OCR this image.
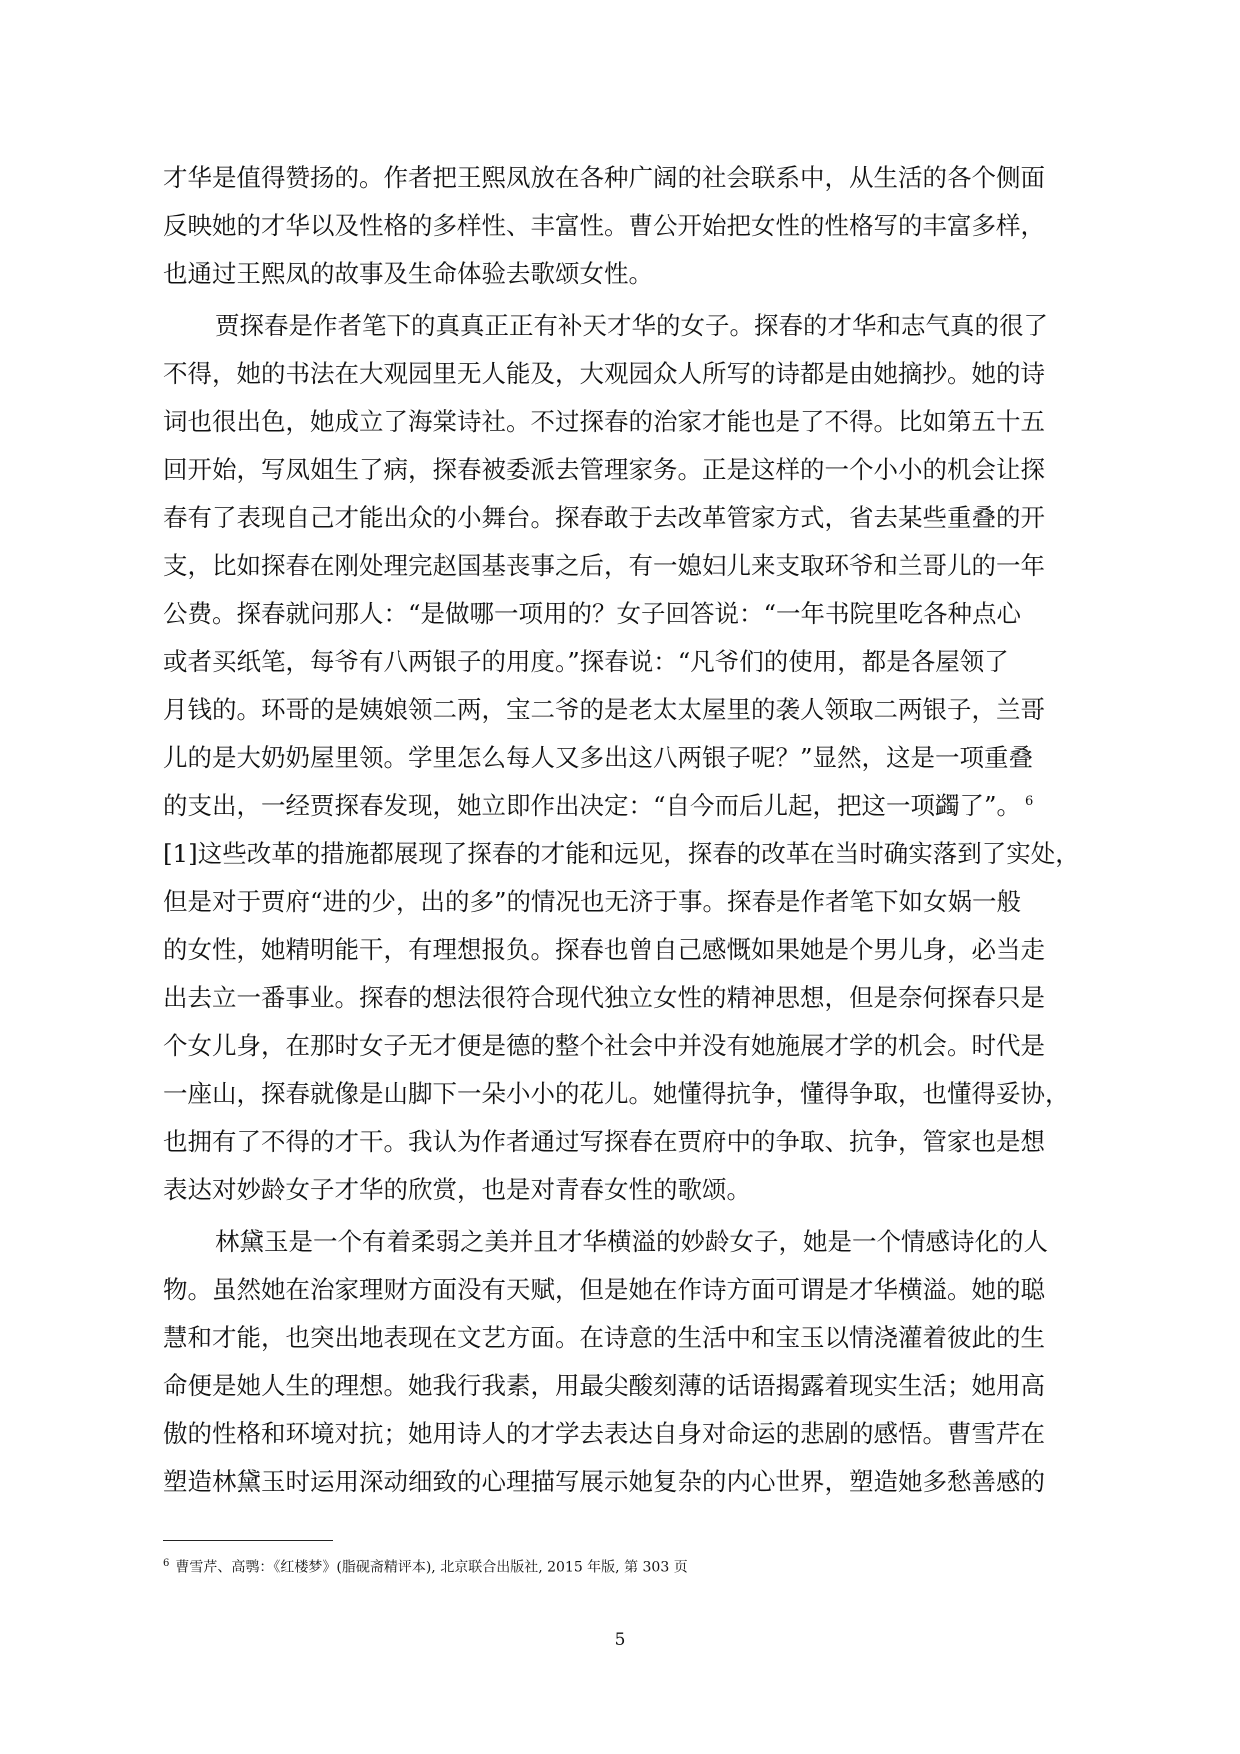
才华是值得赞扬的。作者把王熙凤放在各种广阔的社会联系中，从生活的各个侧面
反映她的才华以及性格的多样性、丰富性。曹公开始把女性的性格写的丰富多样，
也通过王熙凤的故事及生命体验去歌颂女性。
贾探春是作者笔下的真真正正有补天才华的女子。探春的才华和志气真的很了
不得，她的书法在大观园里无人能及，大观园众人所写的诗都是由她摘抄。她的诗
词也很出色，她成立了海棠诗社。不过探春的治家才能也是了不得。比如第五十五
回开始，写凤姐生了病，探春被委派去管理家务。正是这样的一个小小的机会让探
春有了表现自己才能出众的小舞台。探春敢于去改革管家方式，省去某些重叠的开
支，比如探春在刚处理完赵国基丧事之后，有一媳妇儿来支取环爷和兰哥儿的一年
公费。探春就问那人：“是做哪一项用的？女子回答说：“一年书院里吃各种点心
或者买纸笔，每爷有八两银子的用度。”探春说：“凡爷们的使用，都是各屋领了
月钱的。环哥的是姨娘领二两，宝二爷的是老太太屋里的袭人领取二两银子，兰哥
儿的是大奶奶屋里领。学里怎么每人又多出这八两银子呢？”显然，这是一项重叠
的支出，一经贾探春发现，她立即作出决定：“自今而后儿起，把这一项蠲了”。 $^6$
[1]这些改革的措施都展现了探春的才能和远见，探春的改革在当时确实落到了实处，
但是对于贾府“进的少，出的多”的情况也无济于事。探春是作者笔下如女娲一般
的女性，她精明能干，有理想报负。探春也曾自己感慨如果她是个男儿身，必当走
出去立一番事业。探春的想法很符合现代独立女性的精神思想，但是奈何探春只是
个女儿身，在那时女子无才便是德的整个社会中并没有她施展才学的机会。时代是
一座山，探春就像是山脚下一朵小小的花儿。她懂得抗争，懂得争取，也懂得妥协，
也拥有了不得的才干。我认为作者通过写探春在贾府中的争取、抗争，管家也是想
表达对妙龄女子才华的欣赏，也是对青春女性的歌颂。
林黛玉是一个有着柔弱之美并且才华横溢的妙龄女子，她是一个情感诗化的人
物。虽然她在治家理财方面没有天赋，但是她在作诗方面可谓是才华横溢。她的聪
慧和才能，也突出地表现在文艺方面。在诗意的生活中和宝玉以情浇灌着彼此的生
命便是她人生的理想。她我行我素，用最尖酸刻薄的话语揭露着现实生活；她用高
傲的性格和环境对抗；她用诗人的才学去表达自身对命运的悲剧的感悟。曹雪芹在
塑造林黛玉时运用深动细致的心理描写展示她复杂的内心世界，塑造她多愁善感的
$^6$ 曹雪芹、高鹗：《红楼梦》(脂砚斋精评本), 北京联合出版社, 2015 年版, 第 303 页
5
